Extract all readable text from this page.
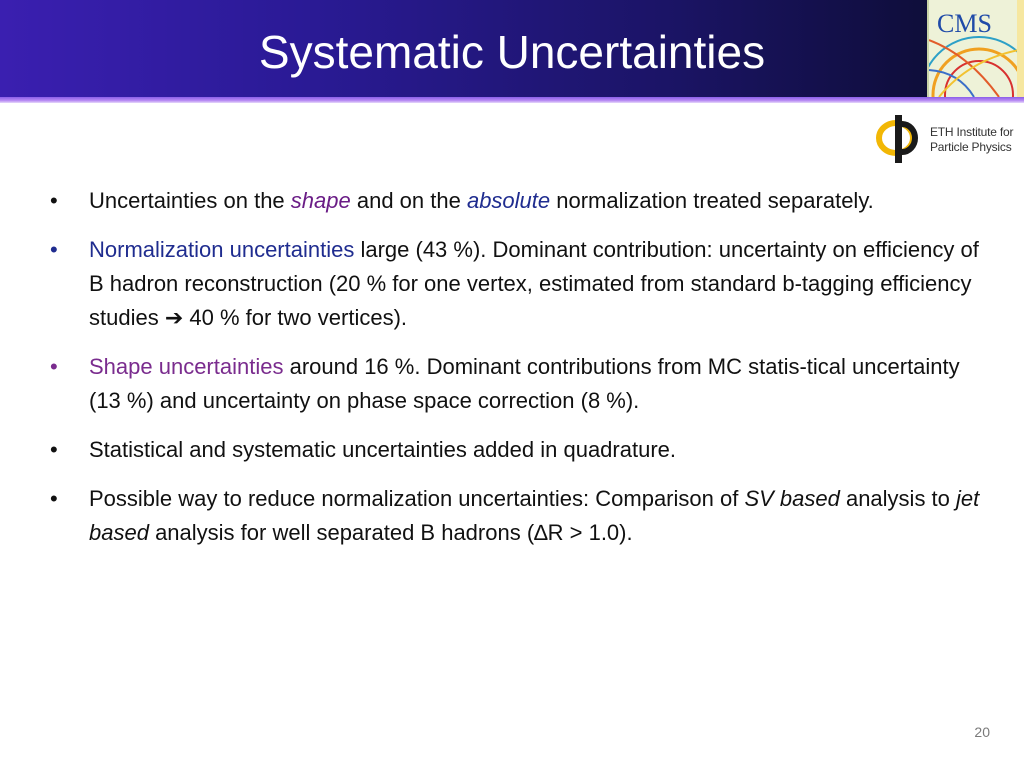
Systematic Uncertainties
CMS
ETH Institute for
Particle Physics
• Uncertainties on the shape and on the absolute normalization treated separately.
• Normalization uncertainties large (43 %). Dominant contribution: uncertainty on efficiency of B hadron reconstruction (20 % for one vertex, estimated from standard b-tagging efficiency studies ➔ 40 % for two vertices).
• Shape uncertainties around 16 %. Dominant contributions from MC statis-tical uncertainty (13 %) and uncertainty on phase space correction (8 %).
• Statistical and systematic uncertainties added in quadrature.
• Possible way to reduce normalization uncertainties: Comparison of SV based analysis to jet based analysis for well separated B hadrons (∆R > 1.0).
20
